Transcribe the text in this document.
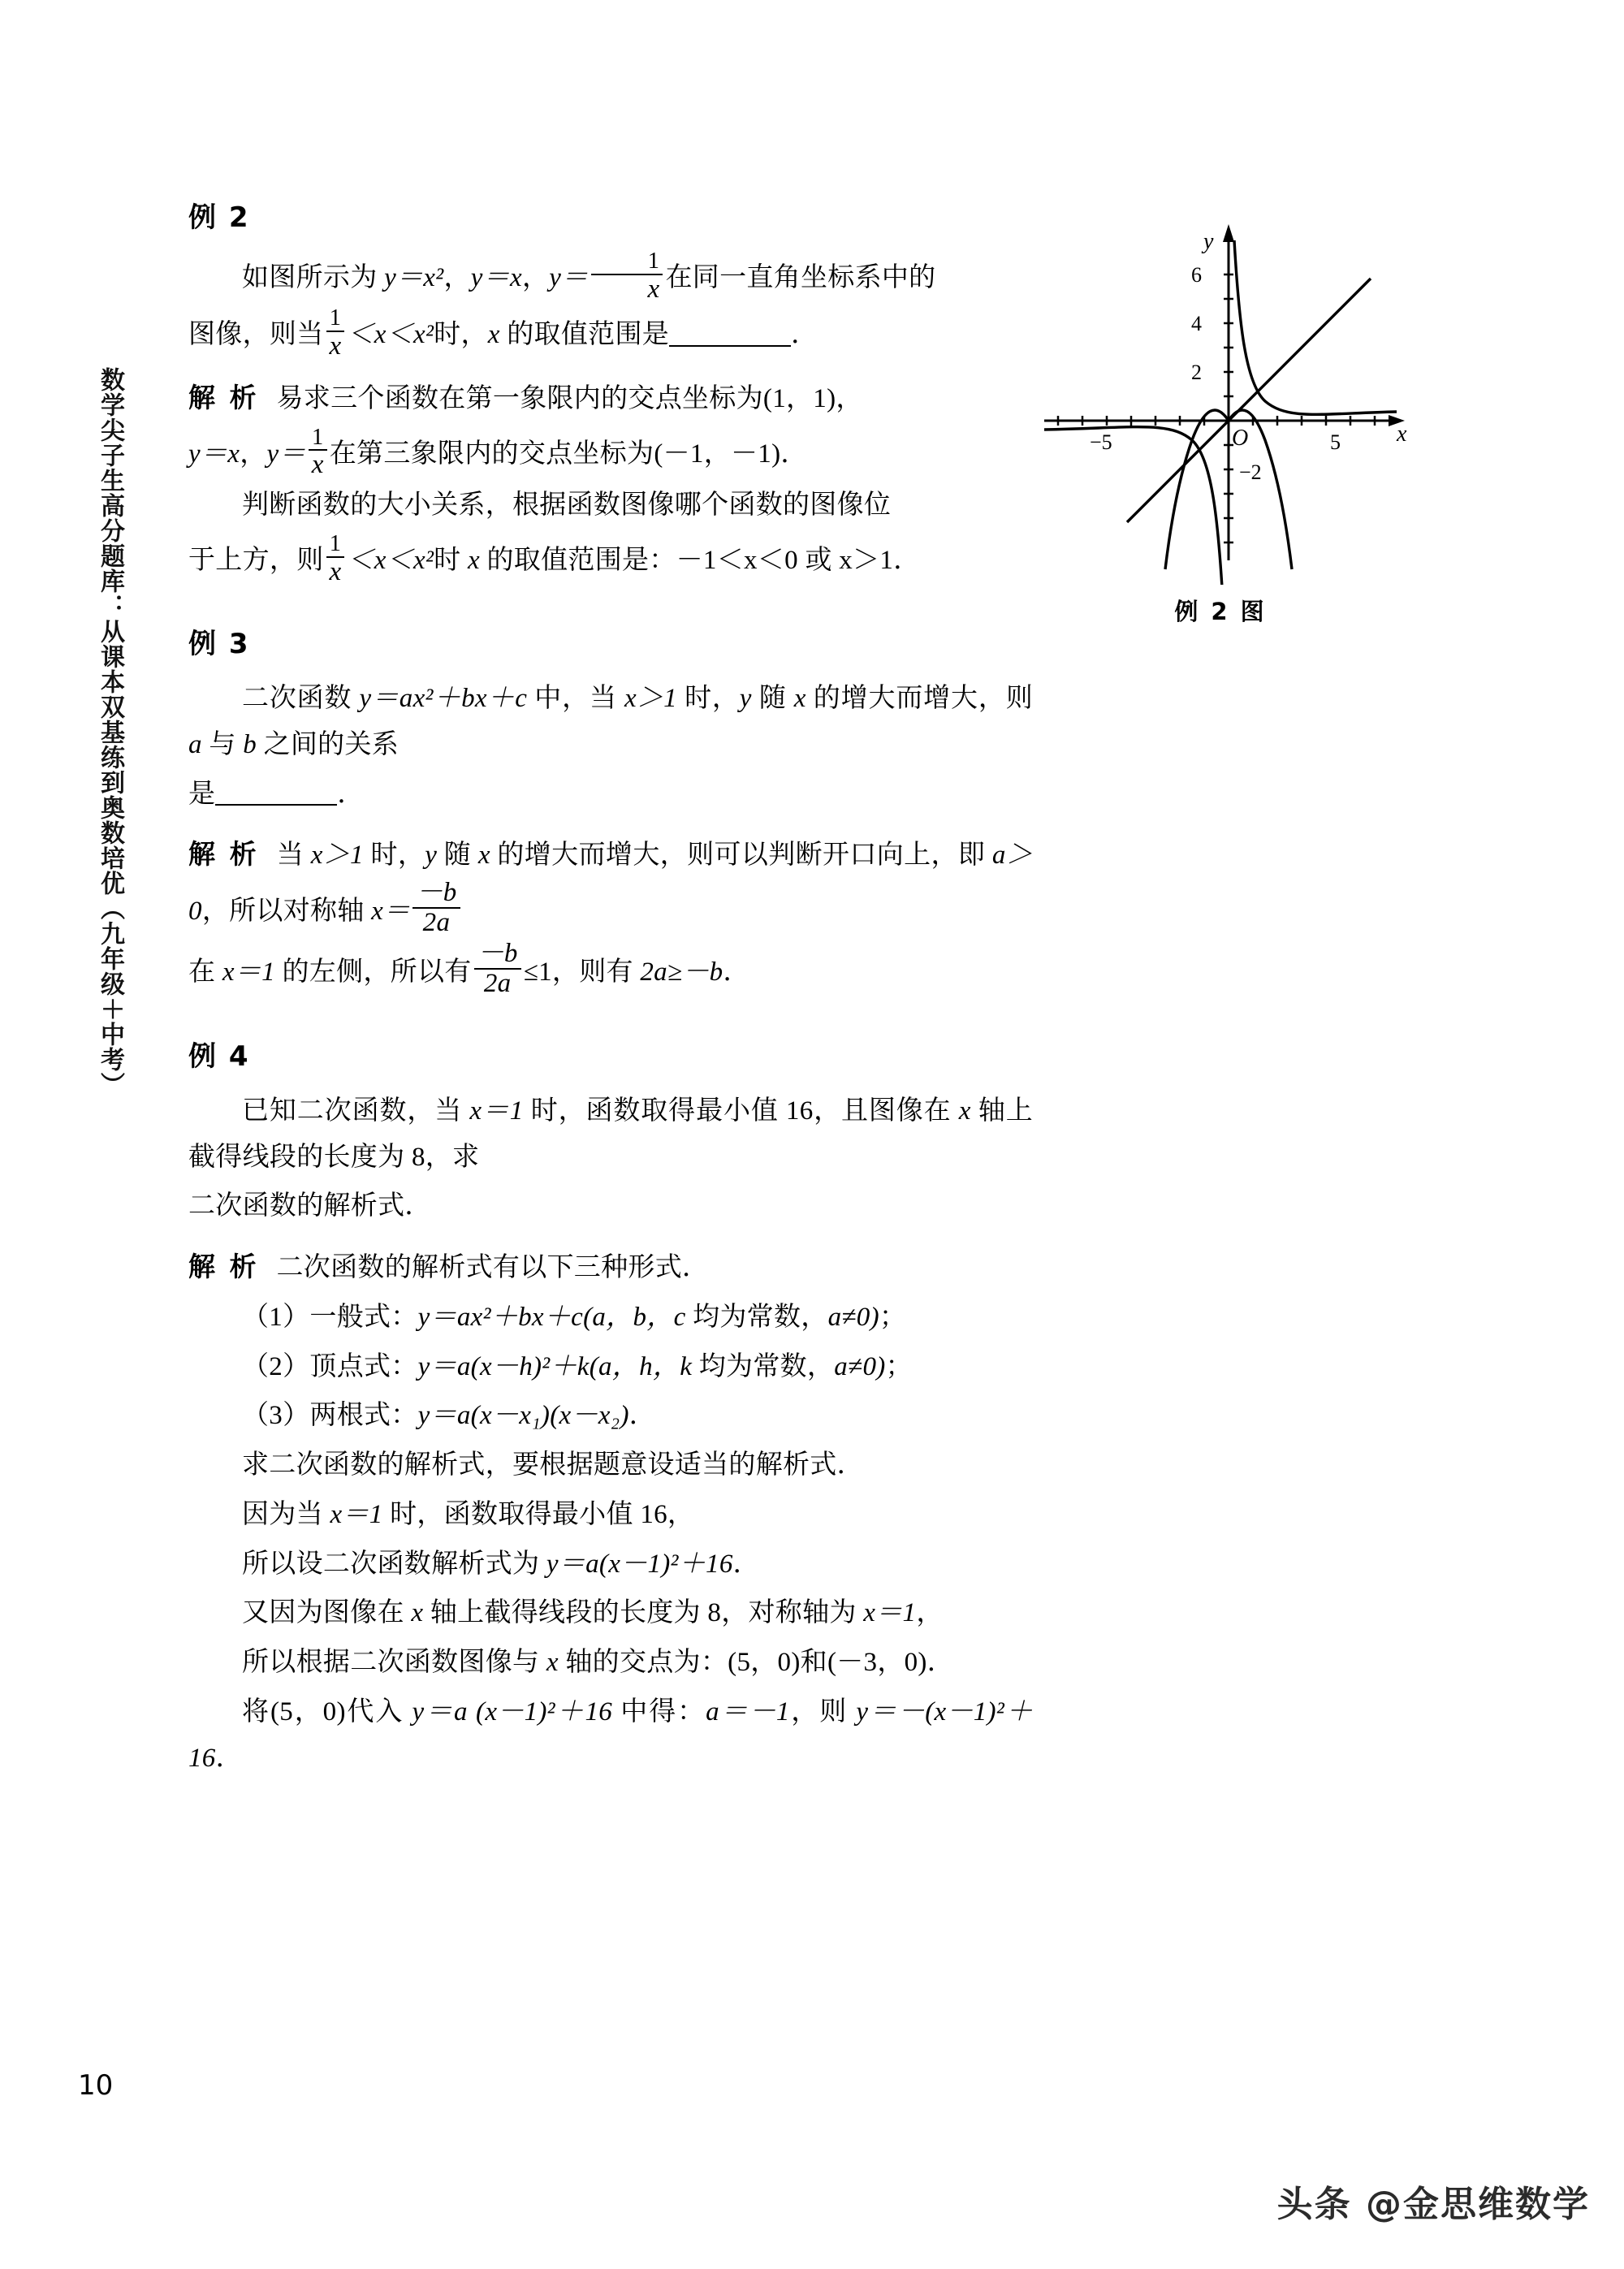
数学尖子生高分题库：从课本双基练到奥数培优（九年级＋中考）
例 2

如图所示为 y＝x²，y＝x，$y= \frac{1}{x}$ 在同一直角坐标系中的

图像，则当 $\frac{1}{x} <x<x^2$时，x 的取值范围是	．

解 析 易求三个函数在第一象限内的交点坐标为(1，1)，

y＝x，$y= \frac{1}{x}$ 在第三象限内的交点坐标为(－1，－1)．

判断函数的大小关系，根据函数图像哪个函数的图像位

于上方，则 $\frac{1}{x} <x<x^2$时 x 的取值范围是：－1＜x＜0 或 x＞1．

例 3

二次函数 y＝ax²＋bx＋c 中，当 x＞1 时，y 随 x 的增大而增大，则 a 与 b 之间的关系

是	．

解 析 当 x＞1 时，y 随 x 的增大而增大，则可以判断开口向上，即 a＞0，所以对称轴 $x= \frac{-b}{2a}$

在 x＝1 的左侧，所以有 $\frac{-b}{2a} \le 1$，则有 2a≥－b．

例 4

已知二次函数，当 x＝1 时，函数取得最小值 16，且图像在 x 轴上截得线段的长度为 8，求

二次函数的解析式．

解 析 二次函数的解析式有以下三种形式．

（1）一般式：y＝ax²＋bx＋c(a，b，c 均为常数，a≠0)；

（2）顶点式：y＝a(x－h)²＋k(a，h，k 均为常数，a≠0)；

（3）两根式：y＝a(x－x₁)(x－x₂)．

求二次函数的解析式，要根据题意设适当的解析式．

因为当 x＝1 时，函数取得最小值 16，

所以设二次函数解析式为 y＝a(x－1)²＋16．

又因为图像在 x 轴上截得线段的长度为 8，对称轴为 x＝1，

所以根据二次函数图像与 x 轴的交点为：(5，0)和(－3，0)．

将(5，0)代入 y＝a (x－1)²＋16 中得：a＝－1，则 y＝－(x－1)²＋16．

y
x
O
−5	5
6
4
2
−2
例 2 图
10
头条 @金思维数学
